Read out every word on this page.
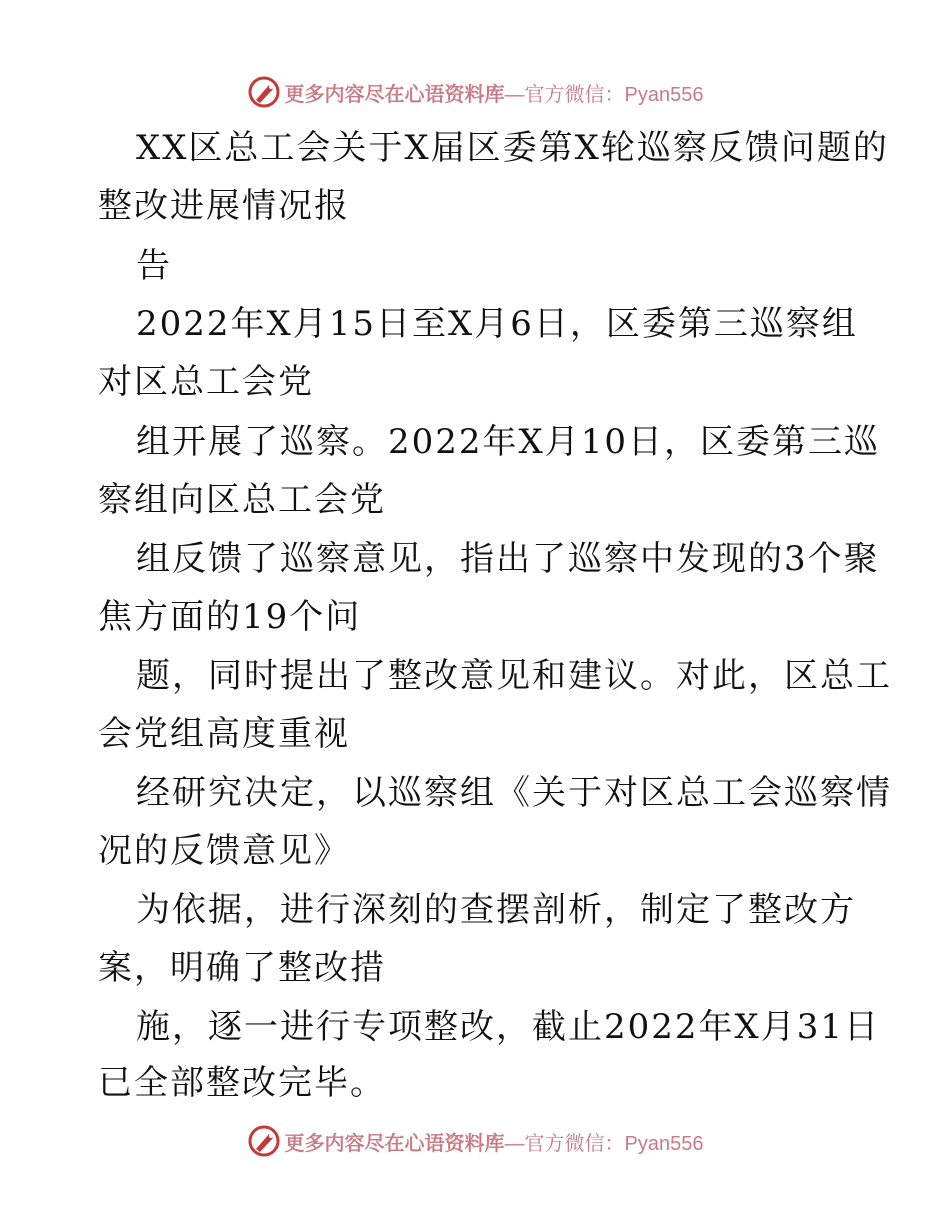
更多内容尽在心语资料库 —官方微信：Pyan556
XX区总工会关于X届区委第X轮巡察反馈问题的
整改进展情况报
告
2022年X月15日至X月6日，区委第三巡察组
对区总工会党
组开展了巡察。2022年X月10日，区委第三巡
察组向区总工会党
组反馈了巡察意见，指出了巡察中发现的3个聚
焦方面的19个问
题，同时提出了整改意见和建议。对此，区总工
会党组高度重视
经研究决定，以巡察组《关于对区总工会巡察情
况的反馈意见》
为依据，进行深刻的查摆剖析，制定了整改方
案，明确了整改措
施，逐一进行专项整改，截止2022年X月31日
已全部整改完毕。
更多内容尽在心语资料库 —官方微信：Pyan556
